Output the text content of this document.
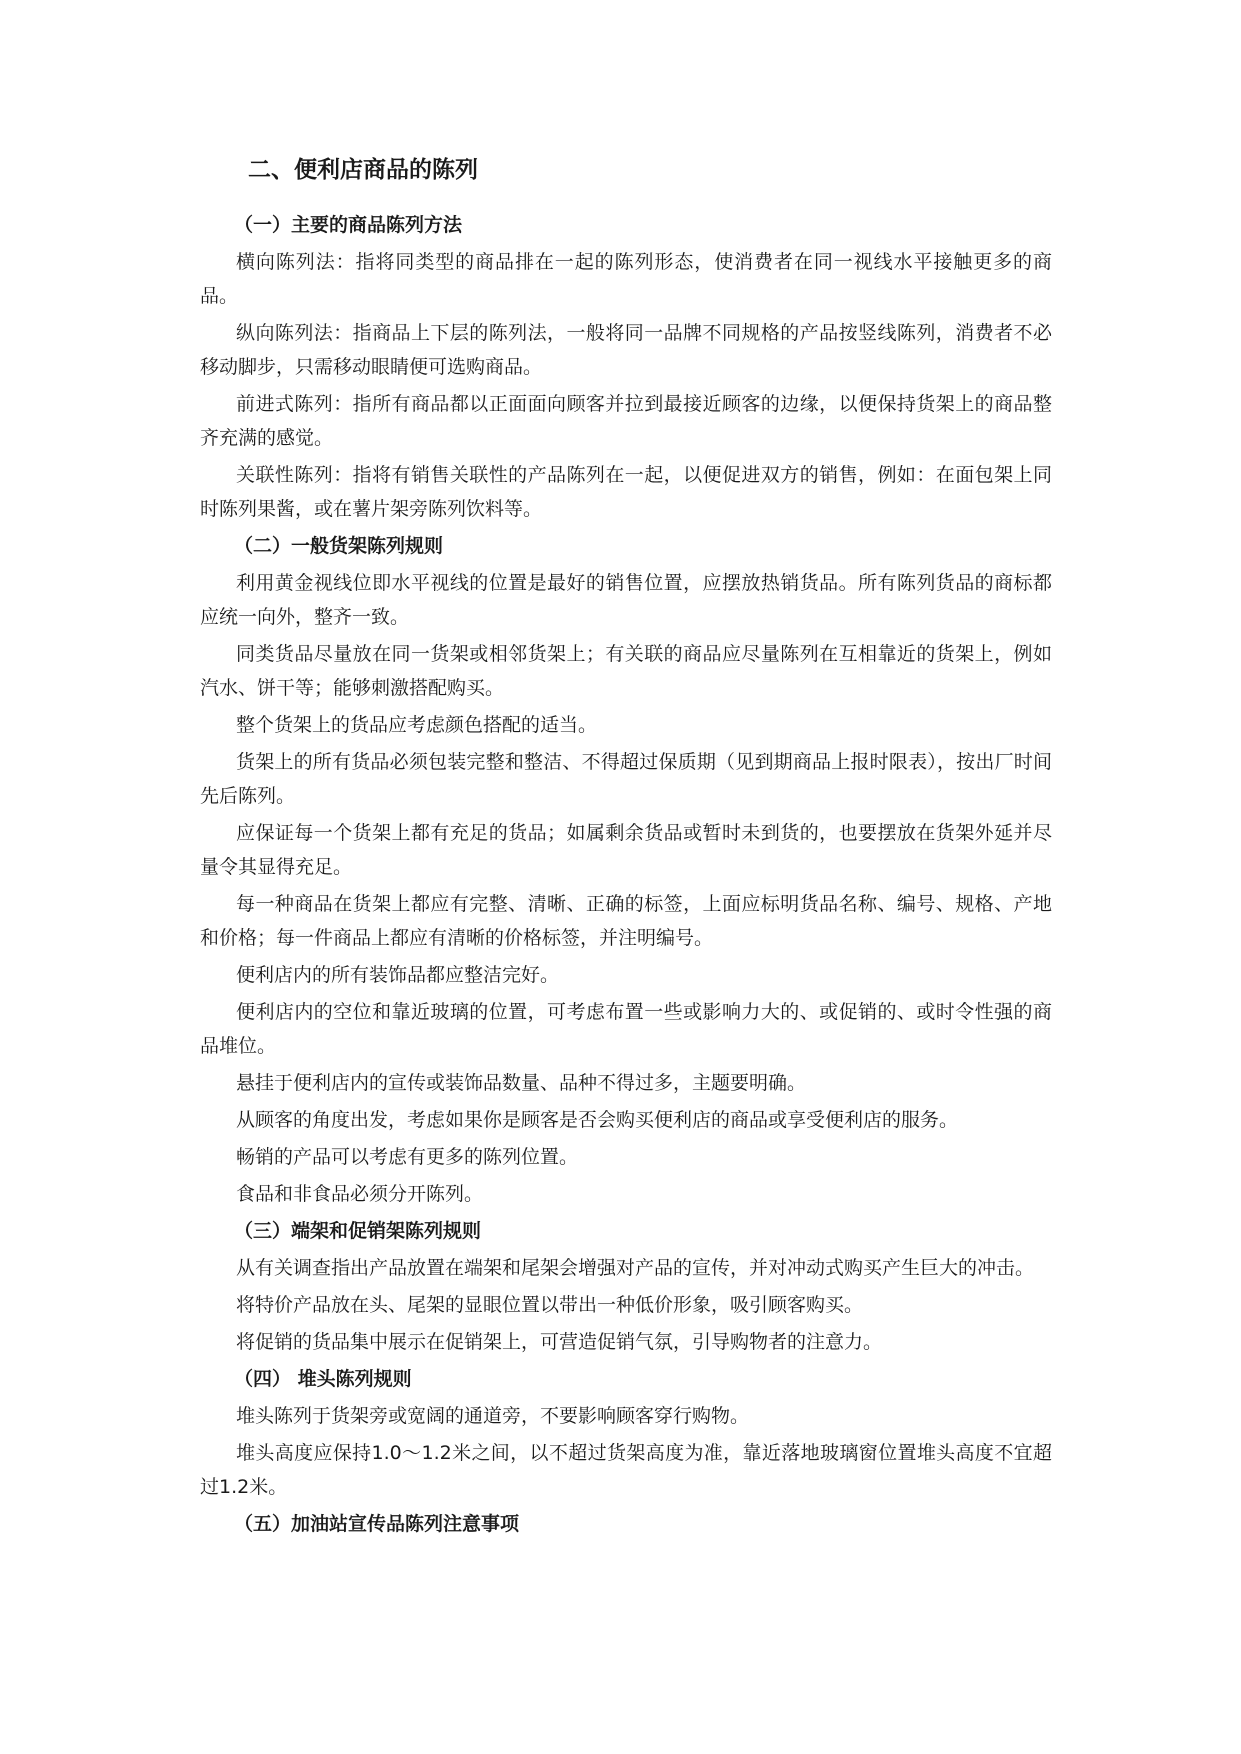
二、便利店商品的陈列
（一）主要的商品陈列方法

横向陈列法：指将同类型的商品排在一起的陈列形态，使消费者在同一视线水平接触更多的商品。

纵向陈列法：指商品上下层的陈列法，一般将同一品牌不同规格的产品按竖线陈列，消费者不必移动脚步，只需移动眼睛便可选购商品。

前进式陈列：指所有商品都以正面面向顾客并拉到最接近顾客的边缘，以便保持货架上的商品整齐充满的感觉。

关联性陈列：指将有销售关联性的产品陈列在一起，以便促进双方的销售，例如：在面包架上同时陈列果酱，或在薯片架旁陈列饮料等。

（二）一般货架陈列规则

利用黄金视线位即水平视线的位置是最好的销售位置，应摆放热销货品。所有陈列货品的商标都应统一向外，整齐一致。

同类货品尽量放在同一货架或相邻货架上；有关联的商品应尽量陈列在互相靠近的货架上，例如汽水、饼干等；能够刺激搭配购买。

整个货架上的货品应考虑颜色搭配的适当。

货架上的所有货品必须包装完整和整洁、不得超过保质期（见到期商品上报时限表），按出厂时间先后陈列。

应保证每一个货架上都有充足的货品；如属剩余货品或暂时未到货的，也要摆放在货架外延并尽量令其显得充足。

每一种商品在货架上都应有完整、清晰、正确的标签，上面应标明货品名称、编号、规格、产地和价格；每一件商品上都应有清晰的价格标签，并注明编号。

便利店内的所有装饰品都应整洁完好。

便利店内的空位和靠近玻璃的位置，可考虑布置一些或影响力大的、或促销的、或时令性强的商品堆位。

悬挂于便利店内的宣传或装饰品数量、品种不得过多，主题要明确。

从顾客的角度出发，考虑如果你是顾客是否会购买便利店的商品或享受便利店的服务。

畅销的产品可以考虑有更多的陈列位置。

食品和非食品必须分开陈列。

（三）端架和促销架陈列规则

从有关调查指出产品放置在端架和尾架会增强对产品的宣传，并对冲动式购买产生巨大的冲击。

将特价产品放在头、尾架的显眼位置以带出一种低价形象，吸引顾客购买。

将促销的货品集中展示在促销架上，可营造促销气氛，引导购物者的注意力。

（四） 堆头陈列规则

堆头陈列于货架旁或宽阔的通道旁，不要影响顾客穿行购物。

堆头高度应保持1.0～1.2米之间，以不超过货架高度为准，靠近落地玻璃窗位置堆头高度不宜超过1.2米。

（五）加油站宣传品陈列注意事项
